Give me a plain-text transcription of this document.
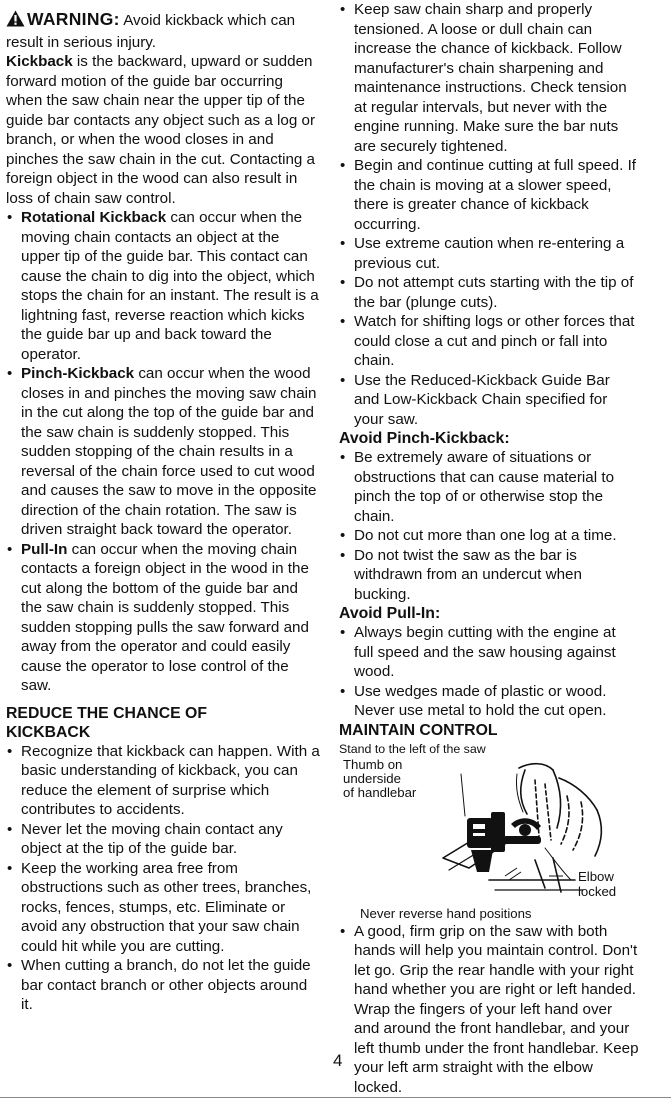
WARNING: Avoid kickback which can result in serious injury.

Kickback is the backward, upward or sudden forward motion of the guide bar occurring when the saw chain near the upper tip of the guide bar contacts any object such as a log or branch, or when the wood closes in and pinches the saw chain in the cut. Contacting a foreign object in the wood can also result in loss of chain saw control.

• Rotational Kickback can occur when the moving chain contacts an object at the upper tip of the guide bar. This contact can cause the chain to dig into the object, which stops the chain for an instant. The result is a lightning fast, reverse reaction which kicks the guide bar up and back toward the operator.
• Pinch-Kickback can occur when the wood closes in and pinches the moving saw chain in the cut along the top of the guide bar and the saw chain is suddenly stopped. This sudden stopping of the chain results in a reversal of the chain force used to cut wood and causes the saw to move in the opposite direction of the chain rotation. The saw is driven straight back toward the operator.
• Pull-In can occur when the moving chain contacts a foreign object in the wood in the cut along the bottom of the guide bar and the saw chain is suddenly stopped. This sudden stopping pulls the saw forward and away from the operator and could easily cause the operator to lose control of the saw.

REDUCE THE CHANCE OF

KICKBACK

• Recognize that kickback can happen. With a basic understanding of kickback, you can reduce the element of surprise which contributes to accidents.
• Never let the moving chain contact any object at the tip of the guide bar.
• Keep the working area free from obstructions such as other trees, branches, rocks, fences, stumps, etc. Eliminate or avoid any obstruction that your saw chain could hit while you are cutting.
• When cutting a branch, do not let the guide bar contact branch or other objects around it.
• Keep saw chain sharp and properly tensioned. A loose or dull chain can increase the chance of kickback. Follow manufacturer's chain sharpening and maintenance instructions. Check tension at regular intervals, but never with the engine running. Make sure the bar nuts are securely tightened.
• Begin and continue cutting at full speed. If the chain is moving at a slower speed, there is greater chance of kickback occurring.
• Use extreme caution when re-entering a previous cut.
• Do not attempt cuts starting with the tip of the bar (plunge cuts).
• Watch for shifting logs or other forces that could close a cut and pinch or fall into chain.
• Use the Reduced-Kickback Guide Bar and Low-Kickback Chain specified for your saw.

Avoid Pinch-Kickback:

• Be extremely aware of situations or obstructions that can cause material to pinch the top of or otherwise stop the chain.
• Do not cut more than one log at a time.
• Do not twist the saw as the bar is withdrawn from an undercut when bucking.

Avoid Pull-In:

• Always begin cutting with the engine at full speed and the saw housing against wood.
• Use wedges made of plastic or wood. Never use metal to hold the cut open.

MAINTAIN CONTROL

Stand to the left of the saw
Thumb on
underside
of handlebar
Elbow
locked
Never reverse hand positions
• A good, firm grip on the saw with both hands will help you maintain control. Don't let go. Grip the rear handle with your right hand whether you are right or left handed. Wrap the fingers of your left hand over and around the front handlebar, and your left thumb under the front handlebar. Keep your left arm straight with the elbow locked.
4
